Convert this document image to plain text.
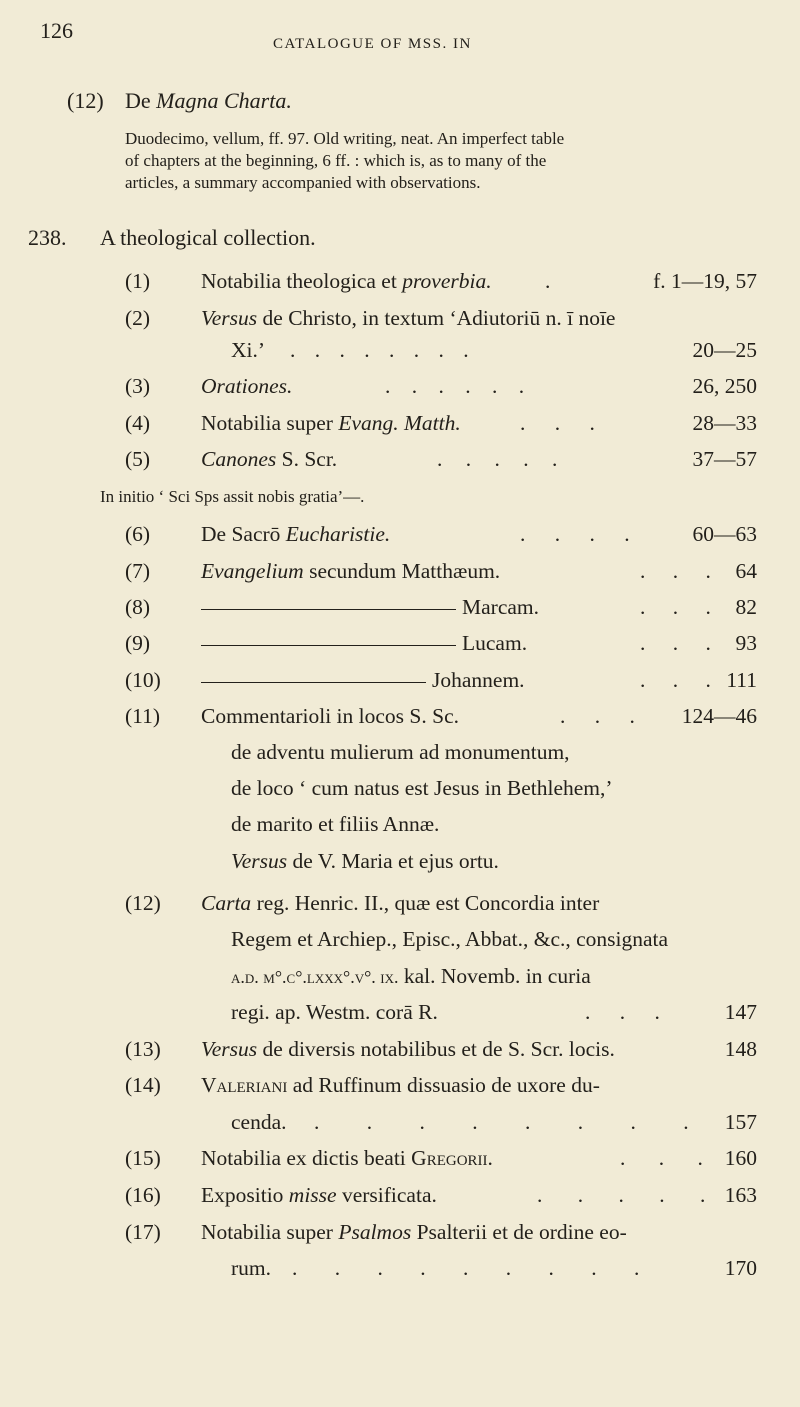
126
CATALOGUE OF MSS. IN
(12) De Magna Charta.
Duodecimo, vellum, ff. 97. Old writing, neat. An imperfect table
of chapters at the beginning, 6 ff. : which is, as to many of the
articles, a summary accompanied with observations.
238. A theological collection.
(1) Notabilia theologica et proverbia. .	f. 1—19, 57
(2) Versus de Christo, in textum ‘Adiutoriū n. ī noīe
Xi.’ . . . . . . . .	20—25
(3) Orationes.	. . . . . .	26, 250
(4) Notabilia super Evang. Matth.	. . .	28—33
(5) Canones S. Scr.	. . . . .	37—57
In initio ‘ Sci Sps assit nobis gratia’—.
(6) De Sacrō Eucharistie.	. . . . 60—63
(7) Evangelium secundum Matthæum.	. . . 64
(8)	Marcam.	. . . 82
(9)	Lucam.	. . . 93
(10)	Johannem.	. . . 111
(11) Commentarioli in locos S. Sc.	. . . 124—46
de adventu mulierum ad monumentum,
de loco ‘ cum natus est Jesus in Bethlehem,’
de marito et filiis Annæ.
Versus de V. Maria et ejus ortu.
(12) Carta reg. Henric. II., quæ est Concordia inter
Regem et Archiep., Episc., Abbat., &c., consignata
a.d. m°.c°.lxxx°.v°. ix. kal. Novemb. in curia
regi. ap. Westm. corā R.	. . . 147
(13) Versus de diversis notabilibus et de S. Scr. locis.	148
(14) Valeriani ad Ruffinum dissuasio de uxore du-
cenda. . . . . . . . . 157
(15) Notabilia ex dictis beati Gregorii.	. . . 160
(16) Expositio misse versificata.	. . . . . 163
(17) Notabilia super Psalmos Psalterii et de ordine eo-
rum. . . . . . . . . .	170
